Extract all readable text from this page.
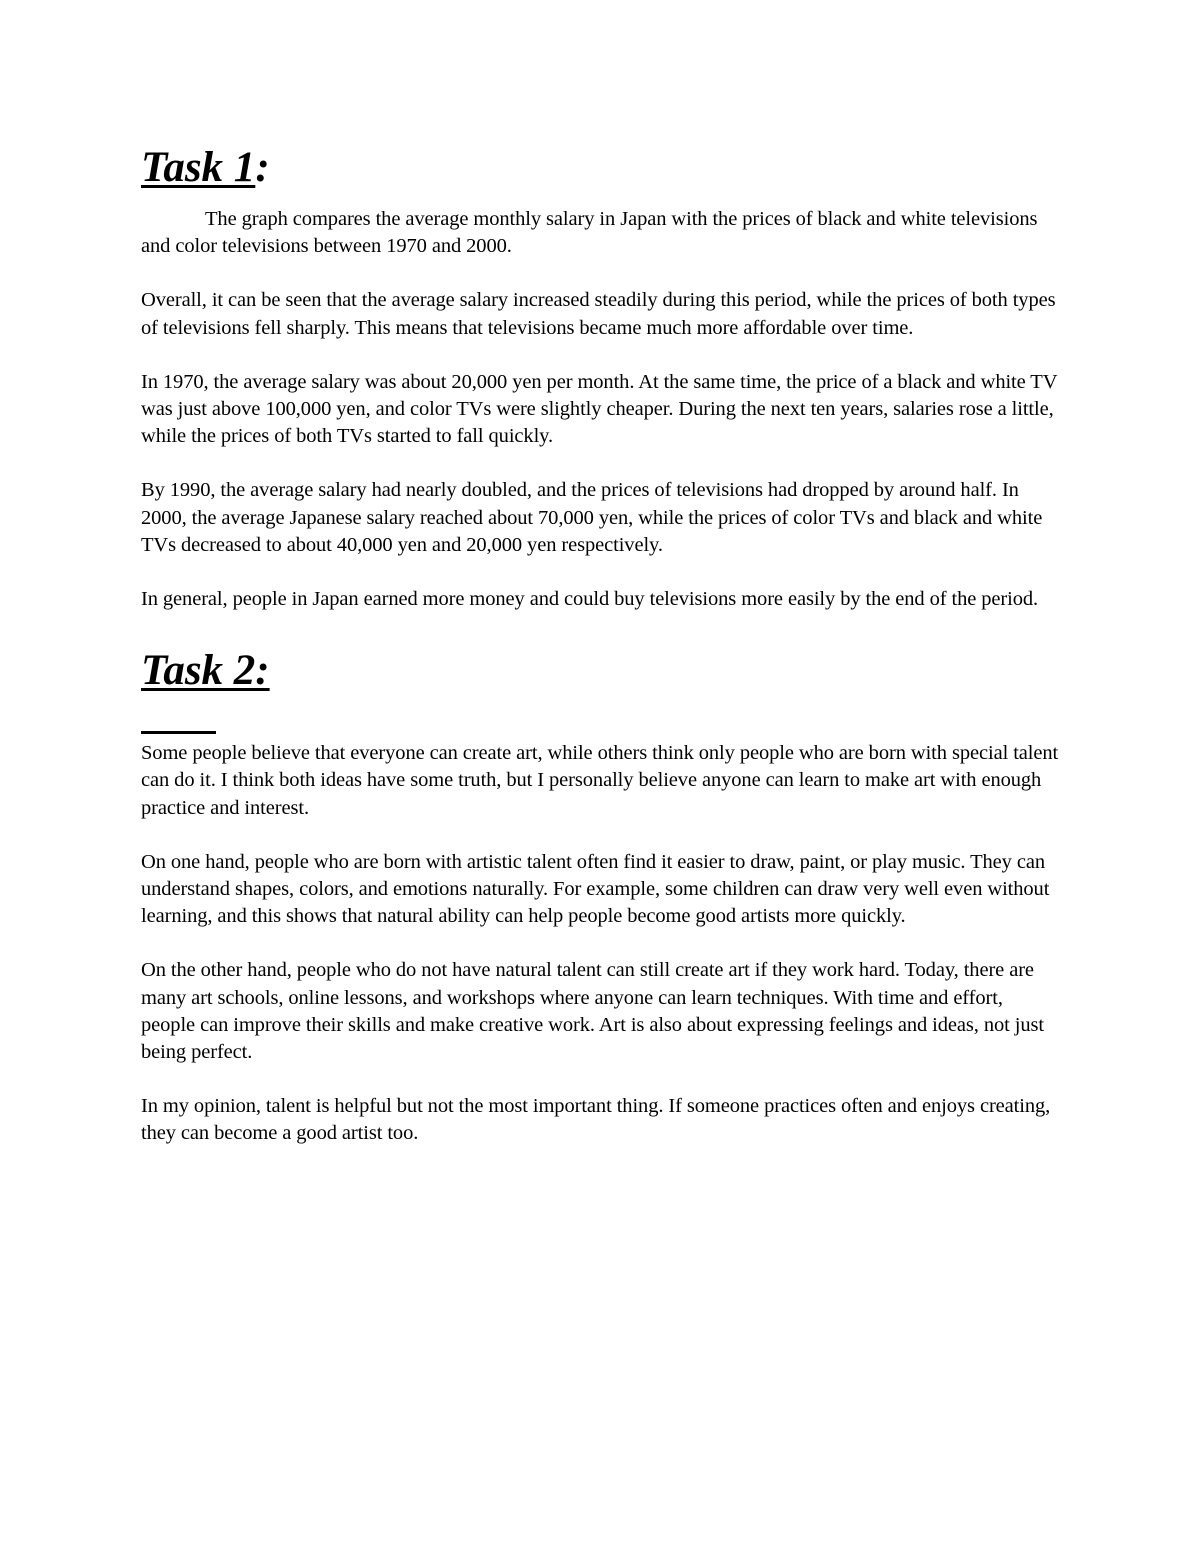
Task 1:

The graph compares the average monthly salary in Japan with the prices of black and white televisions and color televisions between 1970 and 2000.

Overall, it can be seen that the average salary increased steadily during this period, while the prices of both types of televisions fell sharply. This means that televisions became much more affordable over time.

In 1970, the average salary was about 20,000 yen per month. At the same time, the price of a black and white TV was just above 100,000 yen, and color TVs were slightly cheaper. During the next ten years, salaries rose a little, while the prices of both TVs started to fall quickly.

By 1990, the average salary had nearly doubled, and the prices of televisions had dropped by around half. In 2000, the average Japanese salary reached about 70,000 yen, while the prices of color TVs and black and white TVs decreased to about 40,000 yen and 20,000 yen respectively.

In general, people in Japan earned more money and could buy televisions more easily by the end of the period.

Task 2:

Some people believe that everyone can create art, while others think only people who are born with special talent can do it. I think both ideas have some truth, but I personally believe anyone can learn to make art with enough practice and interest.

On one hand, people who are born with artistic talent often find it easier to draw, paint, or play music. They can understand shapes, colors, and emotions naturally. For example, some children can draw very well even without learning, and this shows that natural ability can help people become good artists more quickly.

On the other hand, people who do not have natural talent can still create art if they work hard. Today, there are many art schools, online lessons, and workshops where anyone can learn techniques. With time and effort, people can improve their skills and make creative work. Art is also about expressing feelings and ideas, not just being perfect.

In my opinion, talent is helpful but not the most important thing. If someone practices often and enjoys creating, they can become a good artist too.
